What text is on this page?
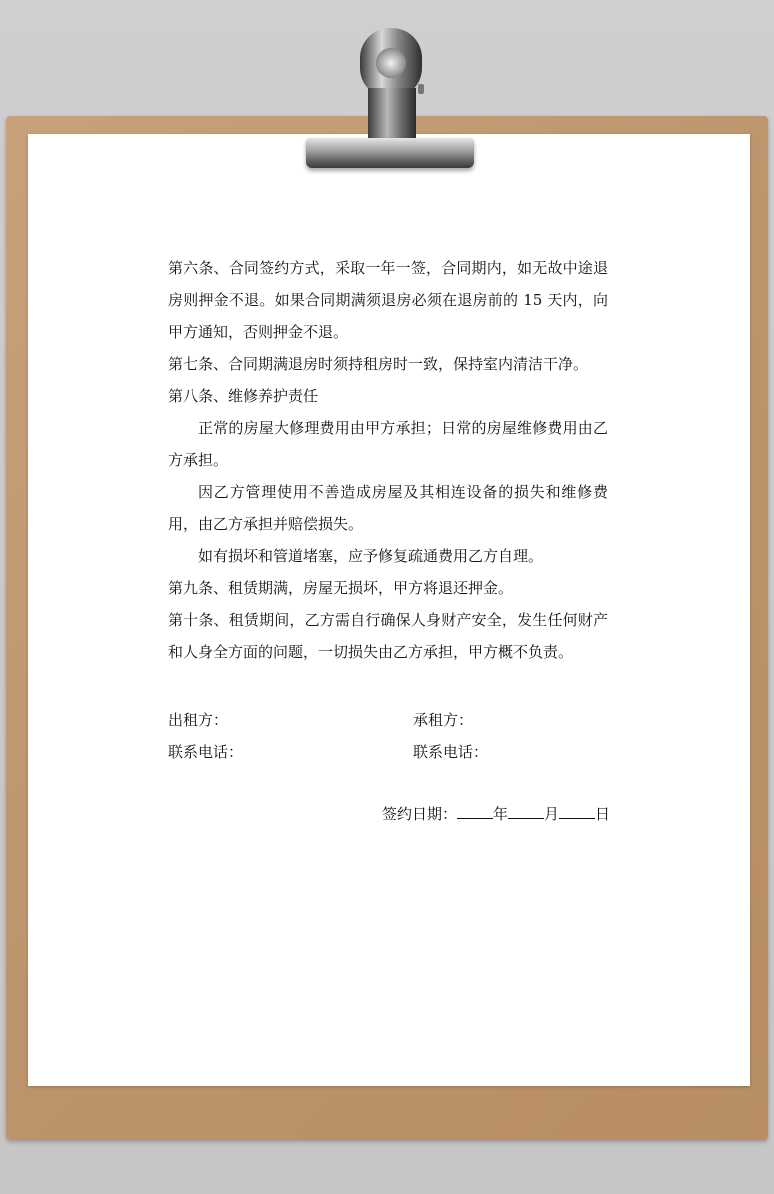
第六条、合同签约方式，采取一年一签，合同期内，如无故中途退房则押金不退。如果合同期满须退房必须在退房前的 15 天内，向甲方通知，否则押金不退。

第七条、合同期满退房时须持租房时一致，保持室内清洁干净。

第八条、维修养护责任

正常的房屋大修理费用由甲方承担；日常的房屋维修费用由乙方承担。

因乙方管理使用不善造成房屋及其相连设备的损失和维修费用，由乙方承担并赔偿损失。

如有损坏和管道堵塞，应予修复疏通费用乙方自理。

第九条、租赁期满，房屋无损坏，甲方将退还押金。

第十条、租赁期间，乙方需自行确保人身财产安全，发生任何财产和人身全方面的问题，一切损失由乙方承担，甲方概不负责。

出租方：
联系电话：
承租方：
联系电话：
签约日期： 年 月 日
